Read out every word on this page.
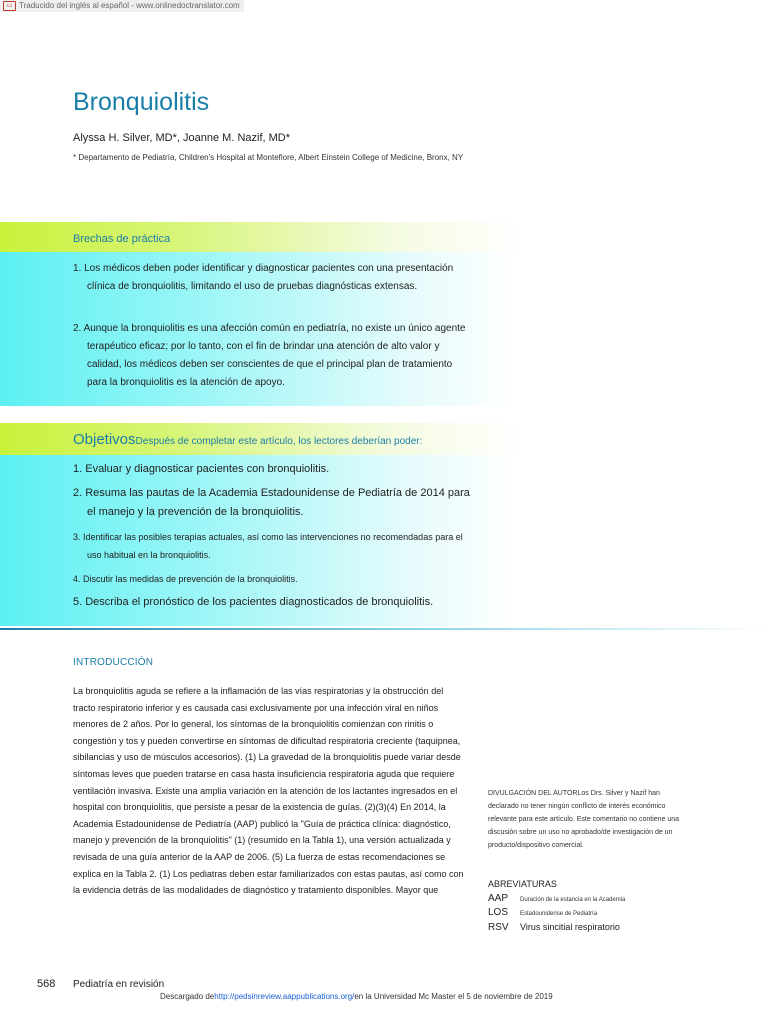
▭ Traducido del inglés al español - www.onlinedoctranslator.com
Bronquiolitis
Alyssa H. Silver, MD*, Joanne M. Nazif, MD*
* Departamento de Pediatría, Children's Hospital at Montefiore, Albert Einstein College of Medicine, Bronx, NY
Brechas de práctica

1. Los médicos deben poder identificar y diagnosticar pacientes con una presentación clínica de bronquiolitis, limitando el uso de pruebas diagnósticas extensas.

2. Aunque la bronquiolitis es una afección común en pediatría, no existe un único agente terapéutico eficaz; por lo tanto, con el fin de brindar una atención de alto valor y calidad, los médicos deben ser conscientes de que el principal plan de tratamiento para la bronquiolitis es la atención de apoyo.

ObjetivosDespués de completar este artículo, los lectores deberían poder:

1. Evaluar y diagnosticar pacientes con bronquiolitis.

2. Resuma las pautas de la Academia Estadounidense de Pediatría de 2014 para el manejo y la prevención de la bronquiolitis.

3. Identificar las posibles terapias actuales, así como las intervenciones no recomendadas para el uso habitual en la bronquiolitis.

4. Discutir las medidas de prevención de la bronquiolitis.

5. Describa el pronóstico de los pacientes diagnosticados de bronquiolitis.

INTRODUCCIÓN

La bronquiolitis aguda se refiere a la inflamación de las vías respiratorias y la obstrucción del tracto respiratorio inferior y es causada casi exclusivamente por una infección viral en niños menores de 2 años. Por lo general, los síntomas de la bronquiolitis comienzan con rinitis o congestión y tos y pueden convertirse en síntomas de dificultad respiratoria creciente (taquipnea, sibilancias y uso de músculos accesorios). (1) La gravedad de la bronquiolitis puede variar desde síntomas leves que pueden tratarse en casa hasta insuficiencia respiratoria aguda que requiere ventilación invasiva. Existe una amplia variación en la atención de los lactantes ingresados en el hospital con bronquiolitis, que persiste a pesar de la existencia de guías. (2)(3)(4) En 2014, la Academia Estadounidense de Pediatría (AAP) publicó la "Guía de práctica clínica: diagnóstico, manejo y prevención de la bronquiolitis" (1) (resumido en la Tabla 1), una versión actualizada y revisada de una guía anterior de la AAP de 2006. (5) La fuerza de estas recomendaciones se explica en la Tabla 2. (1) Los pediatras deben estar familiarizados con estas pautas, así como con la evidencia detrás de las modalidades de diagnóstico y tratamiento disponibles. Mayor que

DIVULGACIÓN DEL AUTORLos Drs. Silver y Nazif han declarado no tener ningún conflicto de interés económico relevante para este artículo. Este comentario no contiene una discusión sobre un uso no aprobado/de investigación de un producto/dispositivo comercial.

ABREVIATURAS

AAP	Duración de la estancia en la Academia
LOS	Estadounidense de Pediatría
RSV	Virus sincitial respiratorio
568 Pediatría en revisión
Descargado dehttp://pedsinreview.aappublications.org/en la Universidad Mc Master el 5 de noviembre de 2019
